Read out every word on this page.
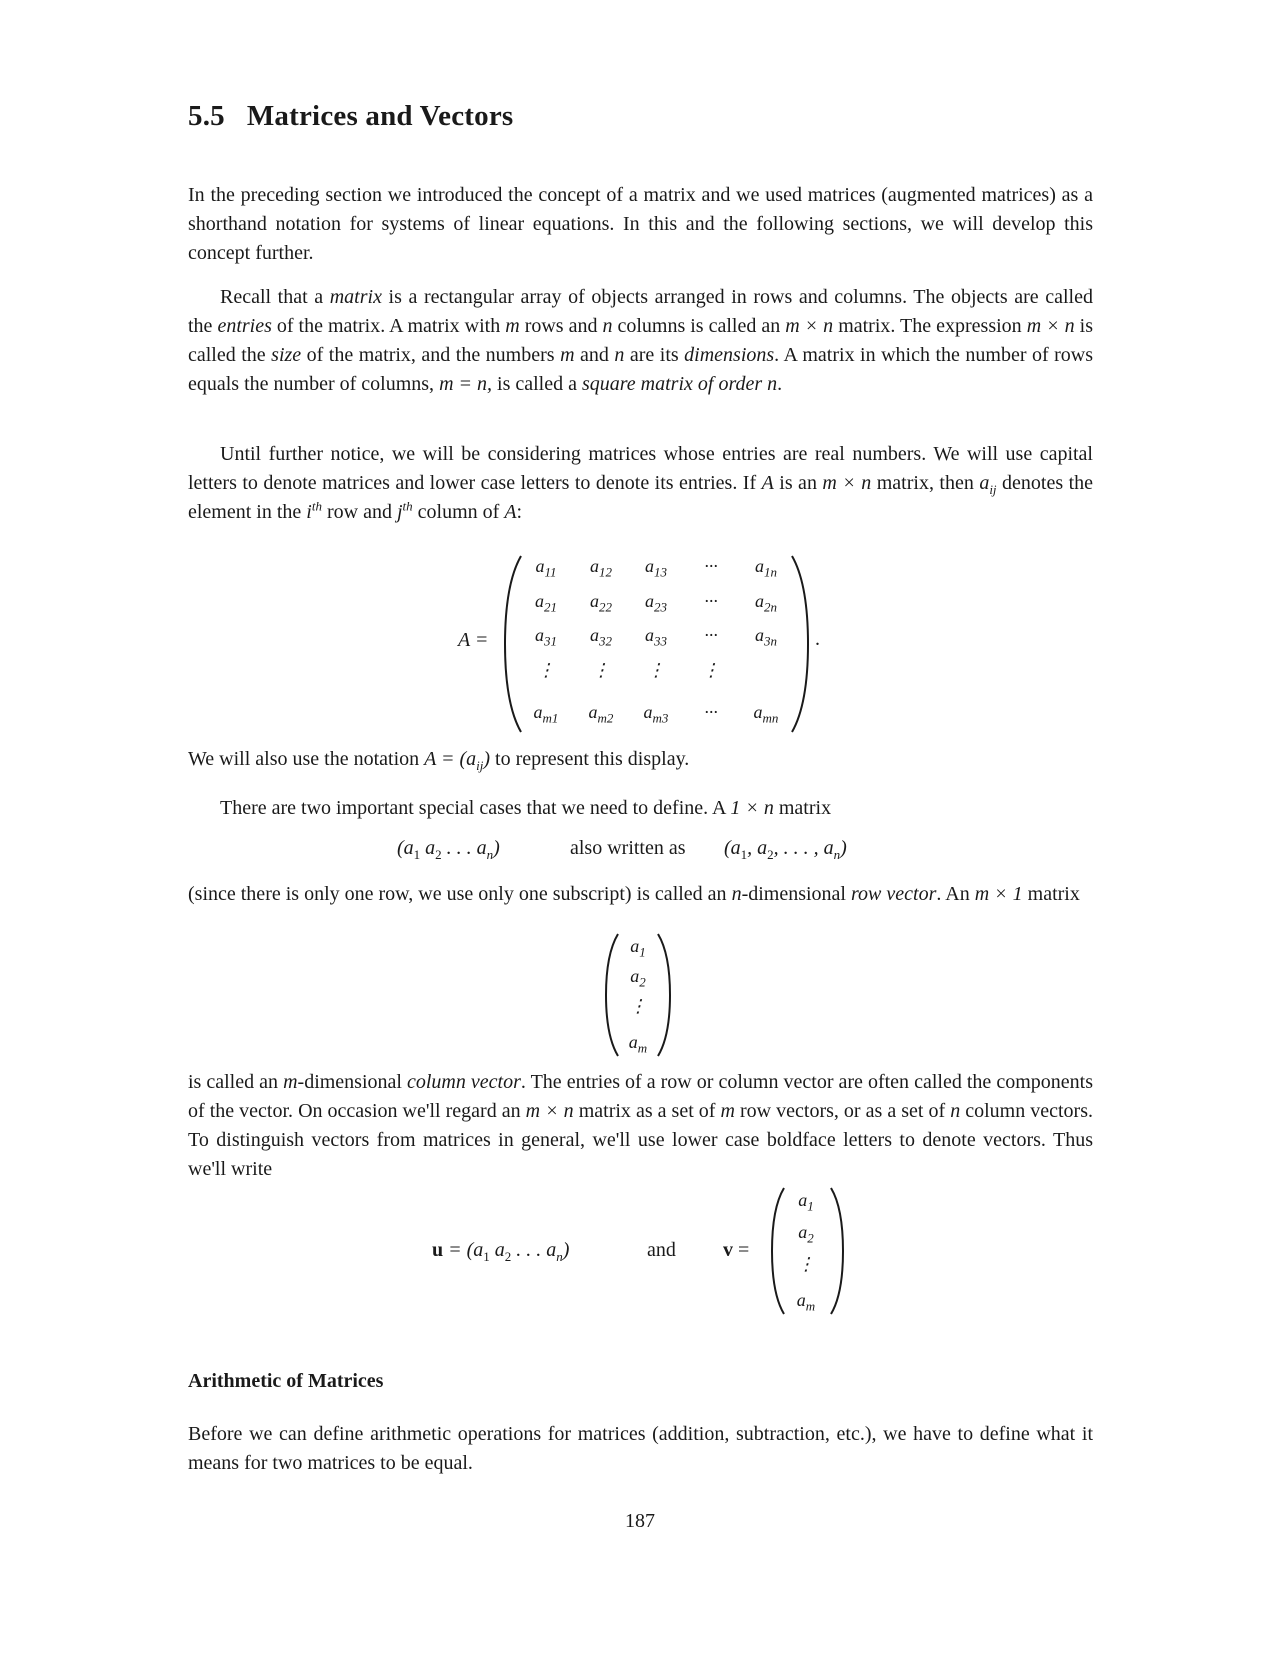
5.5 Matrices and Vectors

In the preceding section we introduced the concept of a matrix and we used matrices (augmented matrices) as a shorthand notation for systems of linear equations. In this and the following sections, we will develop this concept further.

Recall that a matrix is a rectangular array of objects arranged in rows and columns. The objects are called the entries of the matrix. A matrix with m rows and n columns is called an m × n matrix. The expression m × n is called the size of the matrix, and the numbers m and n are its dimensions. A matrix in which the number of rows equals the number of columns, m = n, is called a square matrix of order n.

Until further notice, we will be considering matrices whose entries are real numbers. We will use capital letters to denote matrices and lower case letters to denote its entries. If A is an m × n matrix, then $a_{ij}$ denotes the element in the $i^{th}$ row and $j^{th}$ column of A:

A =
$a_{11}$	$a_{12}$	$a_{13}$	···	$a_{1n}$
$a_{21}$	$a_{22}$	$a_{23}$	···	$a_{2n}$
$a_{31}$	$a_{32}$	$a_{33}$	···	$a_{3n}$
⋮	⋮	⋮	⋮
$a_{m1}$	$a_{m2}$	$a_{m3}$	···	$a_{mn}$
.

We will also use the notation $A = (a_{ij})$ to represent this display.

There are two important special cases that we need to define. A 1 × n matrix

($a_1$ $a_2$ . . . $a_n$)	also written as ($a_1$, $a_2$, . . . , $a_n$)

(since there is only one row, we use only one subscript) is called an n-dimensional row vector. An m × 1 matrix

$a_1$
$a_2$
⋮
$a_m$

is called an m-dimensional column vector. The entries of a row or column vector are often called the components of the vector. On occasion we'll regard an m × n matrix as a set of m row vectors, or as a set of n column vectors. To distinguish vectors from matrices in general, we'll use lower case boldface letters to denote vectors. Thus we'll write

$u = (a_1$ $a_2$ . . . $a_n$)	and v =
$a_1$
$a_2$
⋮
$a_m$
Arithmetic of Matrices

Before we can define arithmetic operations for matrices (addition, subtraction, etc.), we have to define what it means for two matrices to be equal.

187
